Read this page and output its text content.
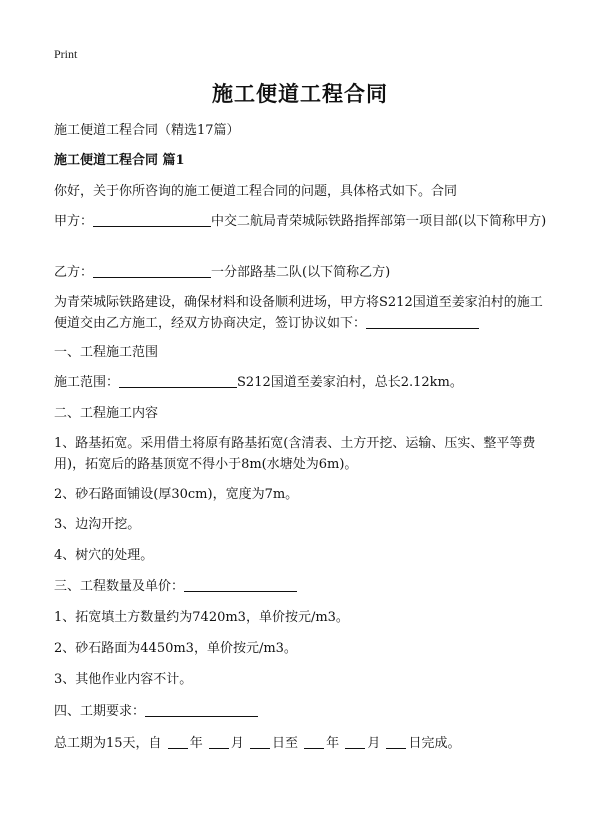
Print
施工便道工程合同
施工便道工程合同（精选17篇）
施工便道工程合同 篇1
你好，关于你所咨询的施工便道工程合同的问题，具体格式如下。合同
甲方：	中交二航局青荣城际铁路指挥部第一项目部(以下简称甲方)
乙方：	一分部路基二队(以下简称乙方)
为青荣城际铁路建设，确保材料和设备顺利进场，甲方将S212国道至姜家泊村的施工便道交由乙方施工，经双方协商决定，签订协议如下：
一、工程施工范围
施工范围：	S212国道至姜家泊村，总长2.12km。
二、工程施工内容
1、路基拓宽。采用借土将原有路基拓宽(含清表、土方开挖、运输、压实、整平等费用)，拓宽后的路基顶宽不得小于8m(水塘处为6m)。
2、砂石路面铺设(厚30cm)，宽度为7m。
3、边沟开挖。
4、树穴的处理。
三、工程数量及单价：
1、拓宽填土方数量约为7420m3，单价按元/m3。
2、砂石路面为4450m3，单价按元/m3。
3、其他作业内容不计。
四、工期要求：
总工期为15天，自 年 月 日至 年 月 日完成。
